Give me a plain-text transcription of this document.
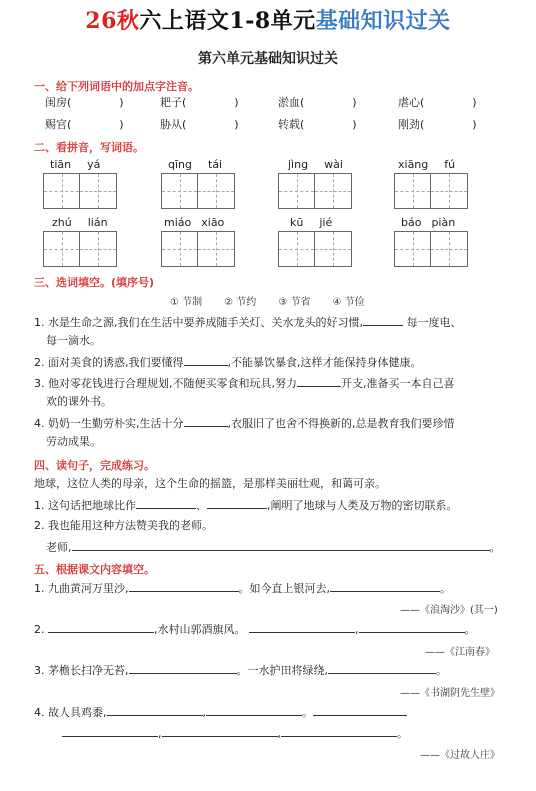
26秋六上语文1-8单元基础知识过关
第六单元基础知识过关
一、给下列词语中的加点字注音。
闺房(	)	耙子(	)	淤血(	)	虐心(	)
赐官(	)	胁从(	)	转载(	)	刚劲(	)
二、看拼音，写词语。
tiān yá	qīng tái	jìng wài	xiāng fú
zhú lián	miáo xiāo	kū jié	báo piàn
三、选词填空。(填序号)
① 节制 ② 节约 ③ 节省 ④ 节俭
1. 水是生命之源,我们在生活中要养成随手关灯、关水龙头的好习惯,	每一度电、
每一滴水。
2. 面对美食的诱惑,我们要懂得	,不能暴饮暴食,这样才能保持身体健康。
3. 他对零花钱进行合理规划,不随便买零食和玩具,努力	开支,准备买一本自己喜
欢的课外书。
4. 奶奶一生勤劳朴实,生活十分	,衣服旧了也舍不得换新的,总是教育我们要珍惜
劳动成果。
四、读句子，完成练习。
地球，这位人类的母亲，这个生命的摇篮，是那样美丽壮观，和蔼可亲。
1. 这句话把地球比作	、	,阐明了地球与人类及万物的密切联系。
2. 我也能用这种方法赞美我的老师。
老师,	。
五、根据课文内容填空。
1. 九曲黄河万里沙,	。如今直上银河去,	。
——《浪淘沙》(其一)
2.	,水村山郭酒旗风。	,	。
——《江南春》
3. 茅檐长扫净无苔,	。一水护田将绿绕,	。
——《书湖阴先生壁》
4. 故人具鸡黍,	,	。
,	,	。
——《过故人庄》
